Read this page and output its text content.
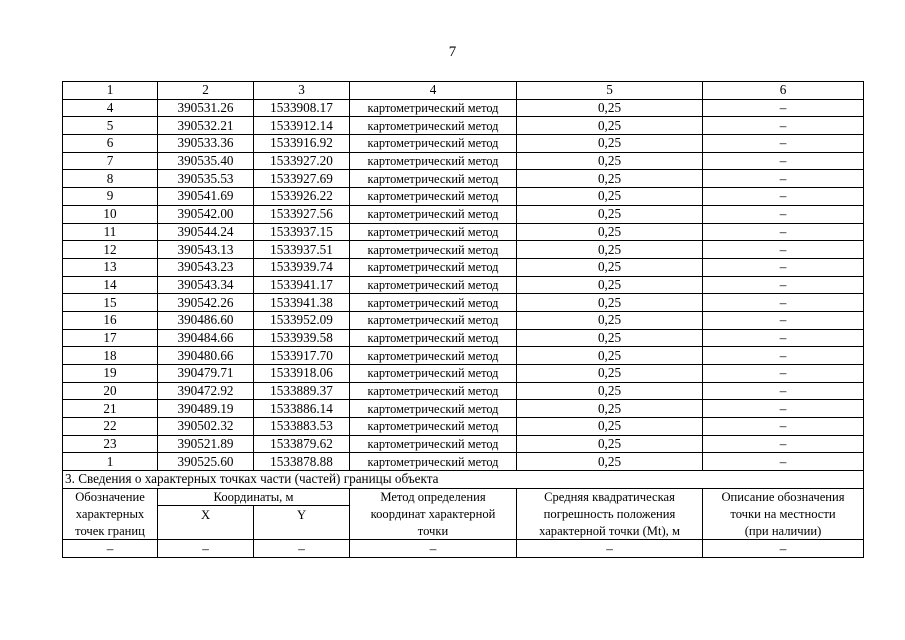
7
1	2	3	4	5	6
4	390531.26	1533908.17	картометрический метод	0,25	–
5	390532.21	1533912.14	картометрический метод	0,25	–
6	390533.36	1533916.92	картометрический метод	0,25	–
7	390535.40	1533927.20	картометрический метод	0,25	–
8	390535.53	1533927.69	картометрический метод	0,25	–
9	390541.69	1533926.22	картометрический метод	0,25	–
10	390542.00	1533927.56	картометрический метод	0,25	–
11	390544.24	1533937.15	картометрический метод	0,25	–
12	390543.13	1533937.51	картометрический метод	0,25	–
13	390543.23	1533939.74	картометрический метод	0,25	–
14	390543.34	1533941.17	картометрический метод	0,25	–
15	390542.26	1533941.38	картометрический метод	0,25	–
16	390486.60	1533952.09	картометрический метод	0,25	–
17	390484.66	1533939.58	картометрический метод	0,25	–
18	390480.66	1533917.70	картометрический метод	0,25	–
19	390479.71	1533918.06	картометрический метод	0,25	–
20	390472.92	1533889.37	картометрический метод	0,25	–
21	390489.19	1533886.14	картометрический метод	0,25	–
22	390502.32	1533883.53	картометрический метод	0,25	–
23	390521.89	1533879.62	картометрический метод	0,25	–
1	390525.60	1533878.88	картометрический метод	0,25	–
3. Сведения о характерных точках части (частей) границы объекта					
Обозначение	Координаты, м		Метод определения	Средняя квадратическая	Описание обозначения
характерных	X	Y	координат характерной	погрешность положения	точки на местности
точек границ			точки	характерной точки (Mt), м	(при наличии)
–	–	–	–	–	–
